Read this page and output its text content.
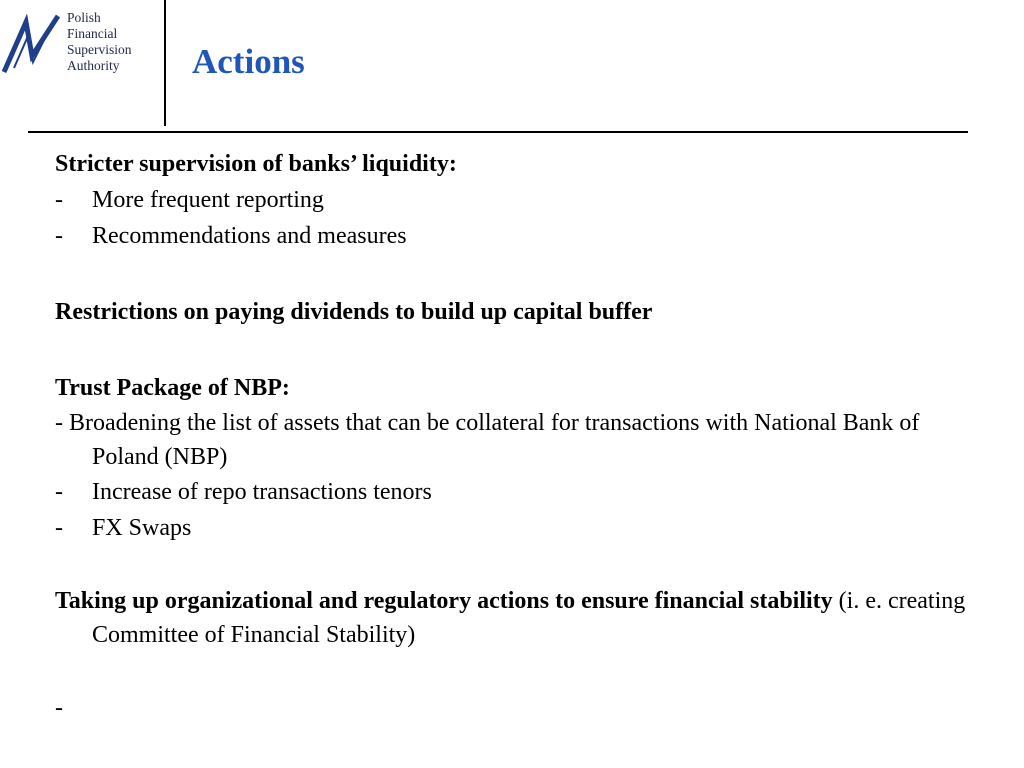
Polish
Financial
Supervision
Authority	Actions
Stricter supervision of banks’ liquidity:
- More frequent reporting
- Recommendations and measures
Restrictions on paying dividends to build up capital buffer
Trust Package of NBP:
- Broadening the list of assets that can be collateral for transactions with National Bank of Poland (NBP)
- Increase of repo transactions tenors
- FX Swaps
Taking up organizational and regulatory actions to ensure financial stability (i. e. creating Committee of Financial Stability)
-
